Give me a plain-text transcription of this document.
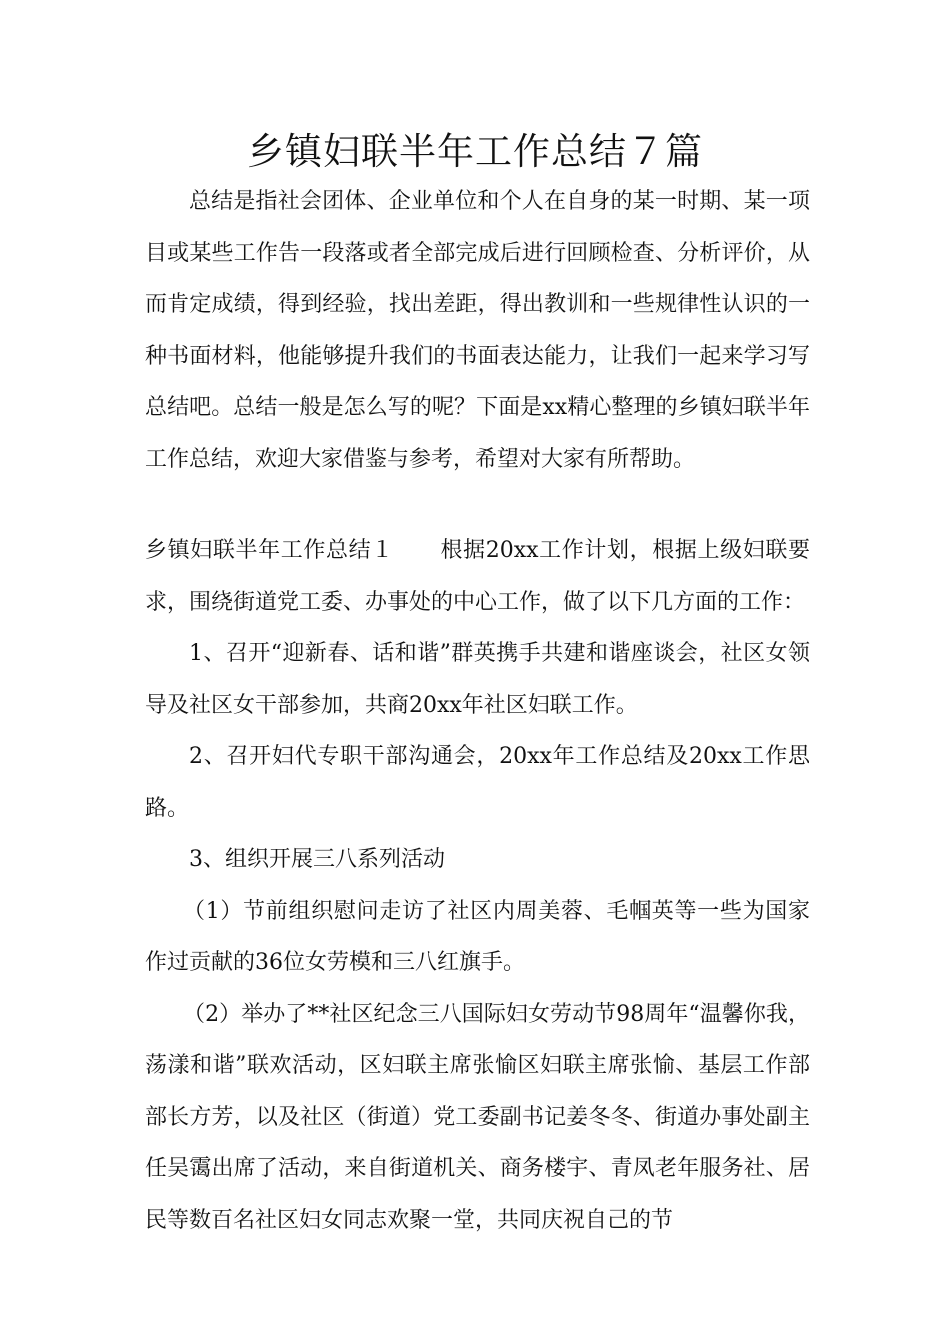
乡镇妇联半年工作总结７篇

总结是指社会团体、企业单位和个人在自身的某一时期、某一项目或某些工作告一段落或者全部完成后进行回顾检查、分析评价，从而肯定成绩，得到经验，找出差距，得出教训和一些规律性认识的一种书面材料，他能够提升我们的书面表达能力，让我们一起来学习写总结吧。总结一般是怎么写的呢？下面是xx精心整理的乡镇妇联半年工作总结，欢迎大家借鉴与参考，希望对大家有所帮助。

乡镇妇联半年工作总结１ 根据20xx工作计划，根据上级妇联要求，围绕街道党工委、办事处的中心工作，做了以下几方面的工作：

1、召开“迎新春、话和谐”群英携手共建和谐座谈会，社区女领导及社区女干部参加，共商20xx年社区妇联工作。

2、召开妇代专职干部沟通会，20xx年工作总结及20xx工作思路。

3、组织开展三八系列活动

（1）节前组织慰问走访了社区内周美蓉、毛帼英等一些为国家作过贡献的36位女劳模和三八红旗手。

（2）举办了**社区纪念三八国际妇女劳动节98周年“温馨你我，荡漾和谐”联欢活动，区妇联主席张愉区妇联主席张愉、基层工作部部长方芳，以及社区（街道）党工委副书记姜冬冬、街道办事处副主任吴霭出席了活动，来自街道机关、商务楼宇、青凤老年服务社、居民等数百名社区妇女同志欢聚一堂，共同庆祝自己的节
